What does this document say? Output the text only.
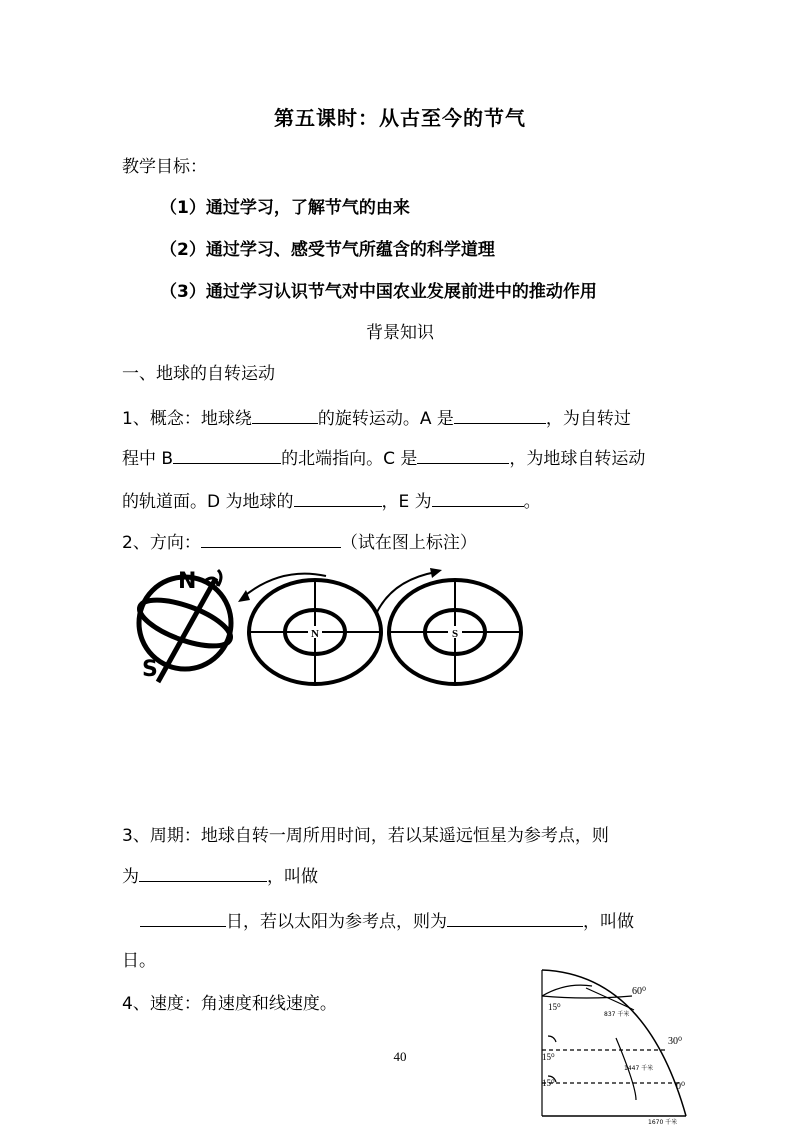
第五课时：从古至今的节气
教学目标：
（1）通过学习，了解节气的由来
（2）通过学习、感受节气所蕴含的科学道理
（3）通过学习认识节气对中国农业发展前进中的推动作用
背景知识
一、地球的自转运动
1、概念：地球绕	的旋转运动。A 是	，为自转过
程中 B	的北端指向。C 是	，为地球自转运动
的轨道面。D 为地球的	，E 为	。
2、方向：	（试在图上标注）
N
S
N	S
3、周期：地球自转一周所用时间，若以某遥远恒星为参考点，则
为	，叫做
日，若以太阳为参考点，则为	，叫做
日。
4、速度：角速度和线速度。
60⁰
30⁰
0⁰
15⁰
15⁰
15⁰
837 千米
1447 千米
1670 千米
40
